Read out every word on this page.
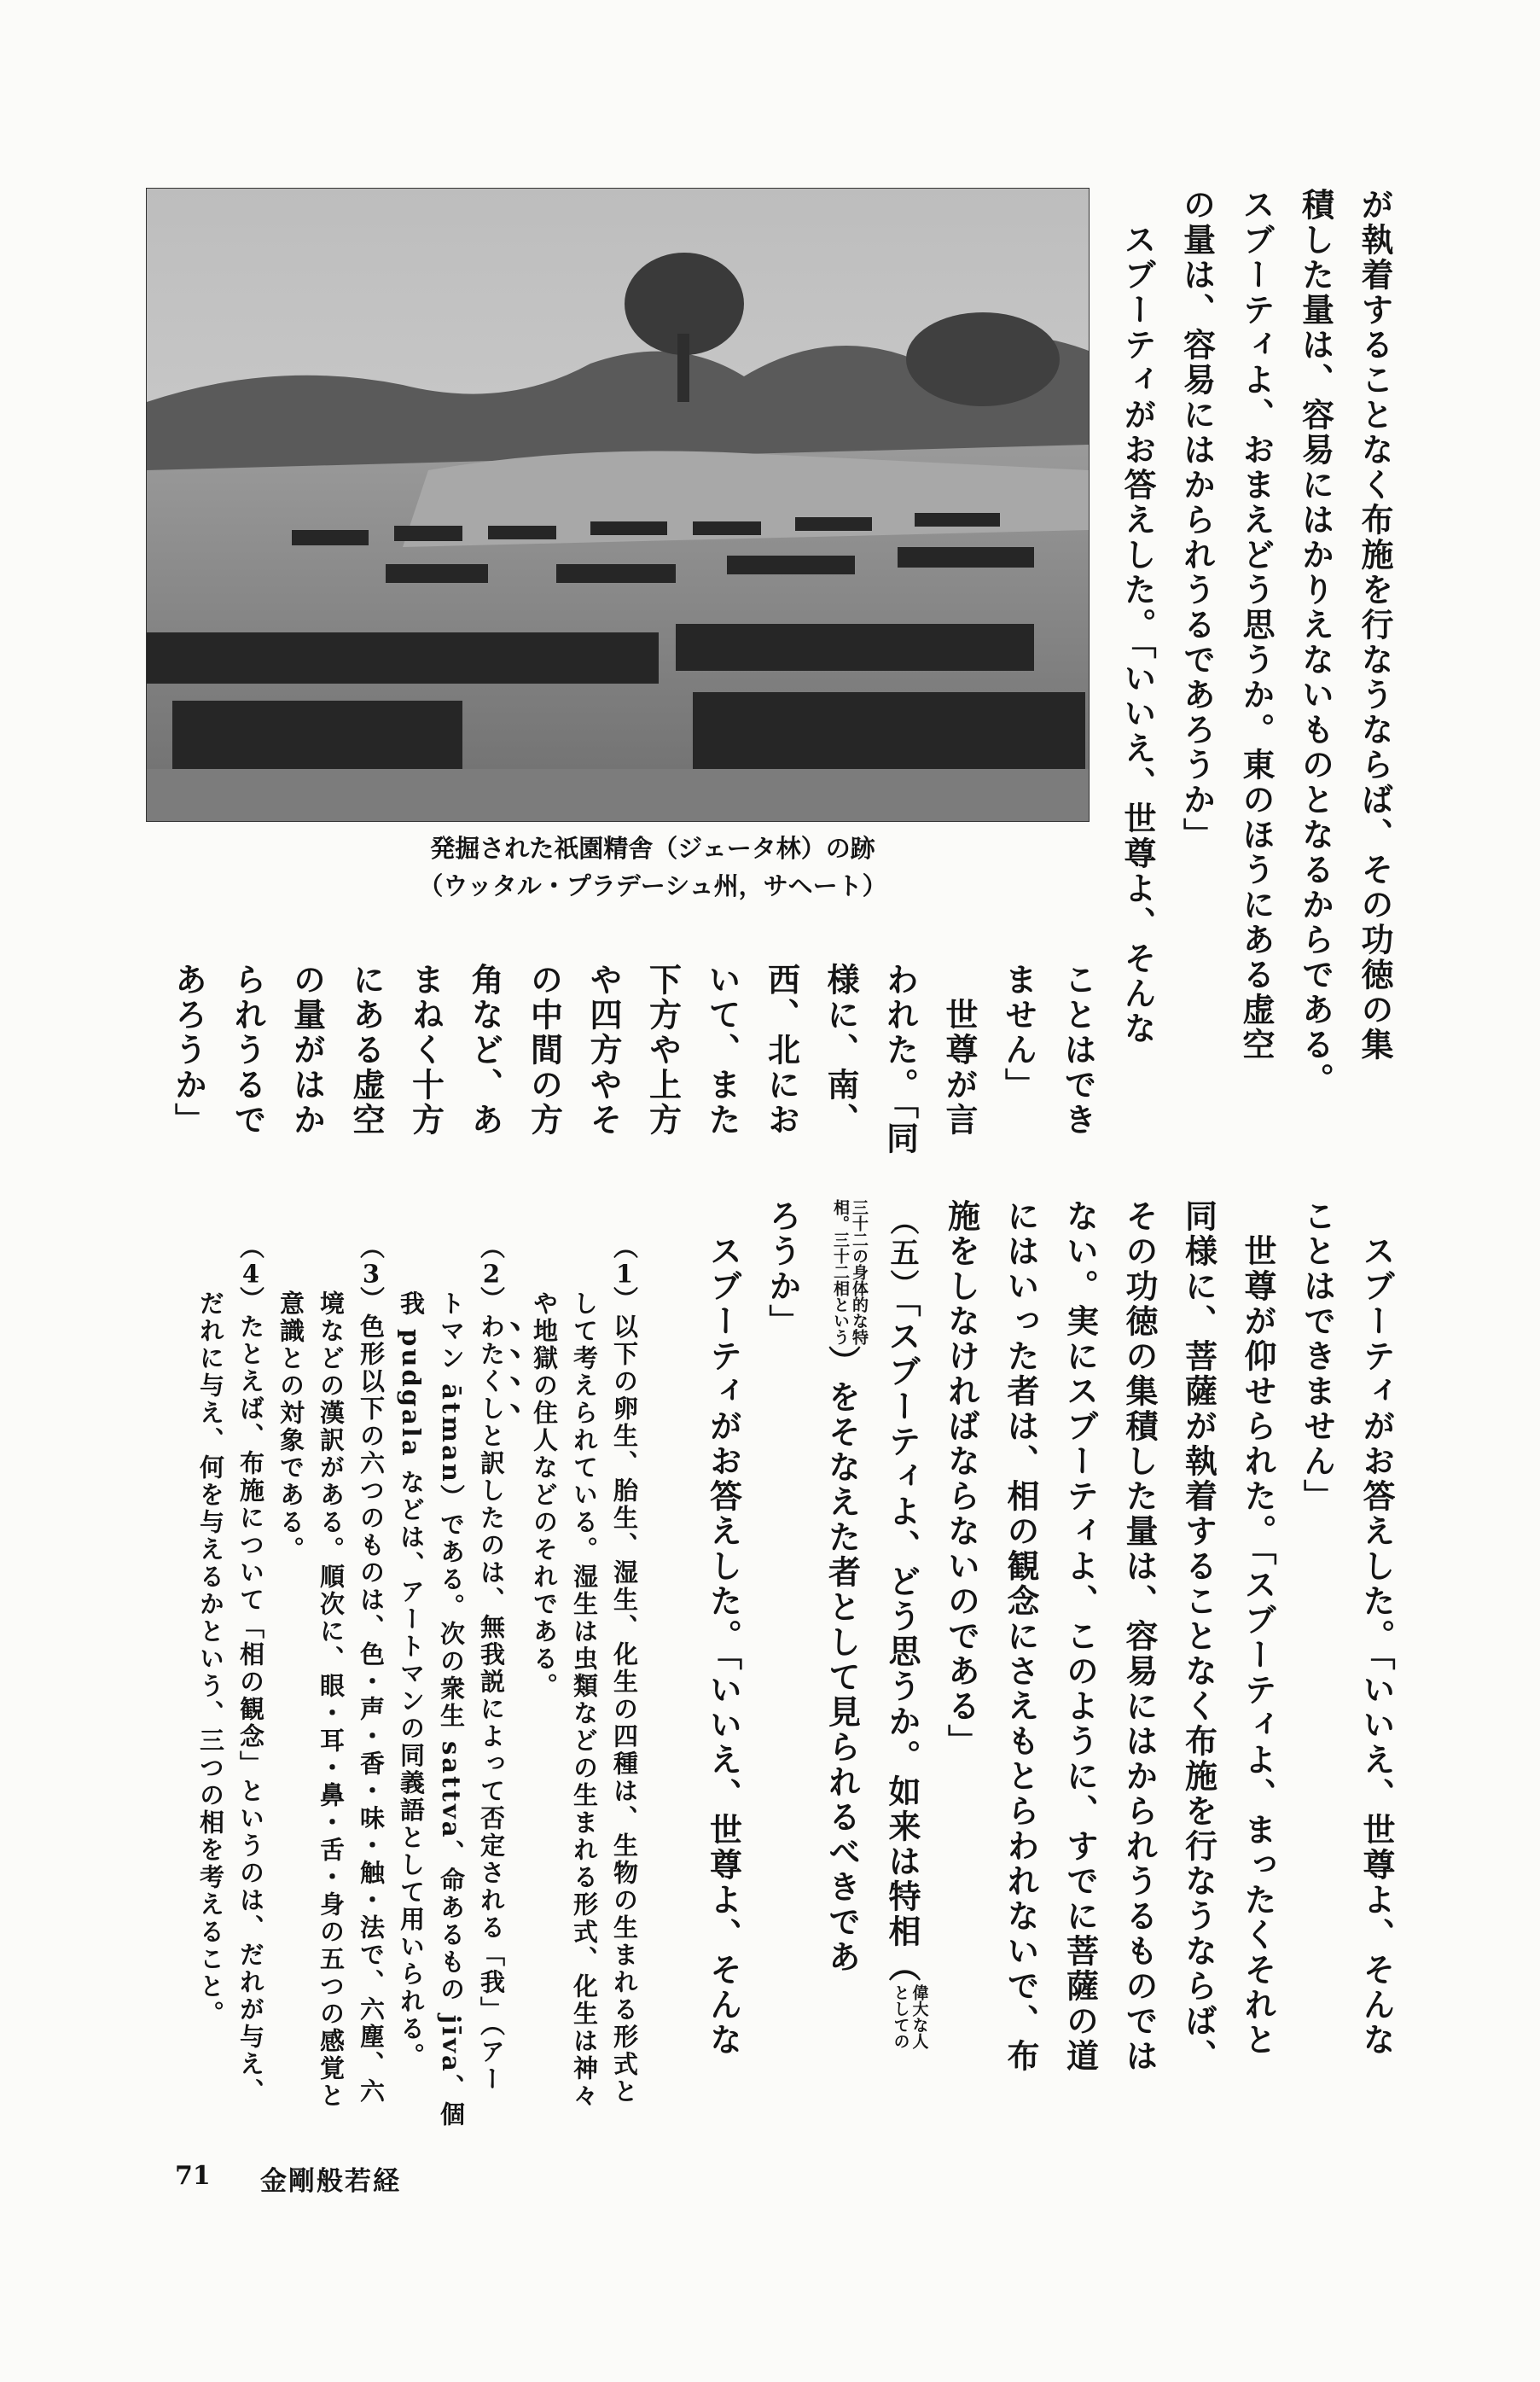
が執着することなく布施を行なうならば、その功徳の集
積した量は、容易にはかりえないものとなるからである。
スブーティよ、おまえどう思うか。東のほうにある虚空
の量は、容易にはかられうるであろうか」
スブーティがお答えした。「いいえ、世尊よ、そんな
ことはでき
ません」
世尊が言
われた。「同
様に、南、
西、北にお
いて、また
下方や上方
や四方やそ
の中間の方
角など、あ
まねく十方
にある虚空
の量がはか
られうるで
あろうか」
発掘された祇園精舎（ジェータ林）の跡
（ウッタル・プラデーシュ州，サヘート）
スブーティがお答えした。「いいえ、世尊よ、そんな
ことはできません」
世尊が仰せられた。「スブーティよ、まったくそれと
同様に、菩薩が執着することなく布施を行なうならば、
その功徳の集積した量は、容易にはかられうるものでは
ない。実にスブーティよ、このように、すでに菩薩の道
にはいった者は、相の観念にさえもとらわれないで、布
施をしなければならないのである」
（ 五 ）「スブーティよ、どう思うか。如来は特相（
偉大な人
としての
三十二の身体的な特
相。三十二相という
）をそなえた者として見られるべきであ
ろうか」
スブーティがお答えした。「いいえ、世尊よ、そんな
（ 1 ）以下の卵生、胎生、湿生、化生の四種は、生物の生まれる形式と
して考えられている。湿生は虫類などの生まれる形式、化生は神々
や地獄の住人などのそれである。
（ 2 ）わたくしと訳したのは、無我説によって否定される「我」（アー
トマン ātman）である。次の衆生 sattva、命あるもの jīva、個
我 pudgala などは、アートマンの同義語として用いられる。
（ 3 ）色形以下の六つのものは、色・声・香・味・触・法で、六塵、六
境などの漢訳がある。順次に、眼・耳・鼻・舌・身の五つの感覚と
意識との対象である。
（ 4 ）たとえば、布施について「相の観念」というのは、だれが与え、
だれに与え、何を与えるかという、三つの相を考えること。
71 金剛般若経
